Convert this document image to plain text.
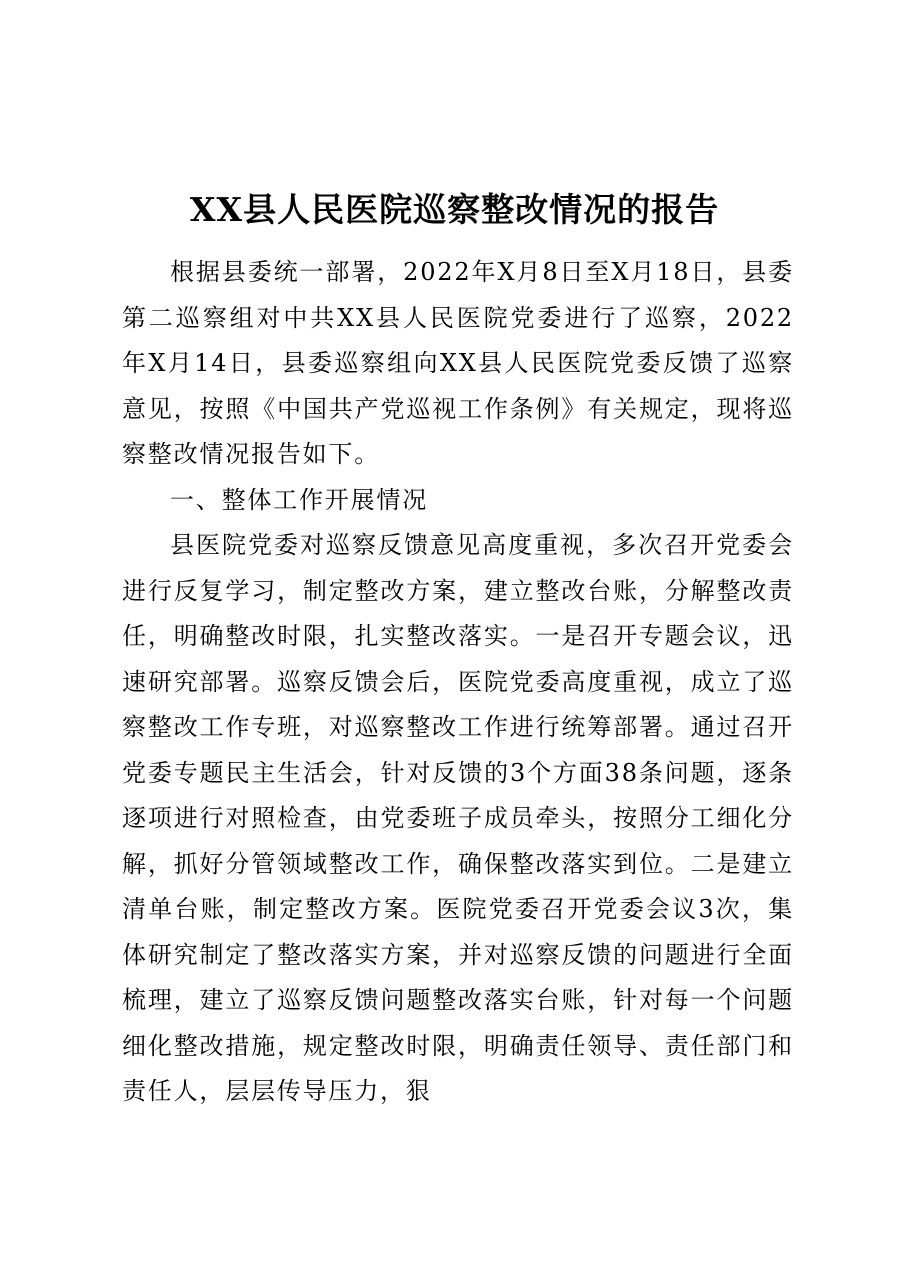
XX县人民医院巡察整改情况的报告

根据县委统一部署，2022年X月8日至X月18日，县委第二巡察组对中共XX县人民医院党委进行了巡察，2022年X月14日，县委巡察组向XX县人民医院党委反馈了巡察意见，按照《中国共产党巡视工作条例》有关规定，现将巡察整改情况报告如下。

一、整体工作开展情况

县医院党委对巡察反馈意见高度重视，多次召开党委会进行反复学习，制定整改方案，建立整改台账，分解整改责任，明确整改时限，扎实整改落实。一是召开专题会议，迅速研究部署。巡察反馈会后，医院党委高度重视，成立了巡察整改工作专班，对巡察整改工作进行统筹部署。通过召开党委专题民主生活会，针对反馈的3个方面38条问题，逐条逐项进行对照检查，由党委班子成员牵头，按照分工细化分解，抓好分管领域整改工作，确保整改落实到位。二是建立清单台账，制定整改方案。医院党委召开党委会议3次，集体研究制定了整改落实方案，并对巡察反馈的问题进行全面梳理，建立了巡察反馈问题整改落实台账，针对每一个问题细化整改措施，规定整改时限，明确责任领导、责任部门和责任人，层层传导压力，狠
